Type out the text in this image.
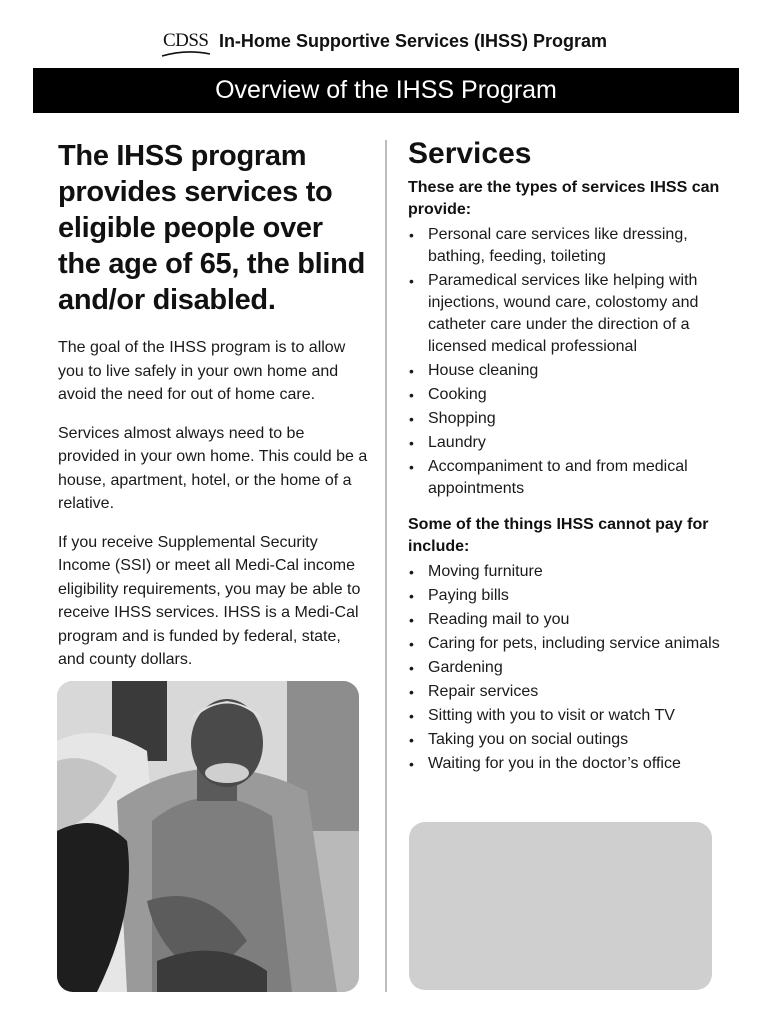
CDSS In-Home Supportive Services (IHSS) Program
Overview of the IHSS Program
The IHSS program provides services to eligible people over the age of 65, the blind and/or disabled.

The goal of the IHSS program is to allow you to live safely in your own home and avoid the need for out of home care.

Services almost always need to be provided in your own home. This could be a house, apartment, hotel, or the home of a relative.

If you receive Supplemental Security Income (SSI) or meet all Medi-Cal income eligibility requirements, you may be able to receive IHSS services. IHSS is a Medi-Cal program and is funded by federal, state, and county dollars.

Services

These are the types of services IHSS can provide:

• Personal care services like dressing, bathing, feeding, toileting
• Paramedical services like helping with injections, wound care, colostomy and catheter care under the direction of a licensed medical professional
• House cleaning
• Cooking
• Shopping
• Laundry
• Accompaniment to and from medical appointments

Some of the things IHSS cannot pay for include:

• Moving furniture
• Paying bills
• Reading mail to you
• Caring for pets, including service animals
• Gardening
• Repair services
• Sitting with you to visit or watch TV
• Taking you on social outings
• Waiting for you in the doctor’s office
